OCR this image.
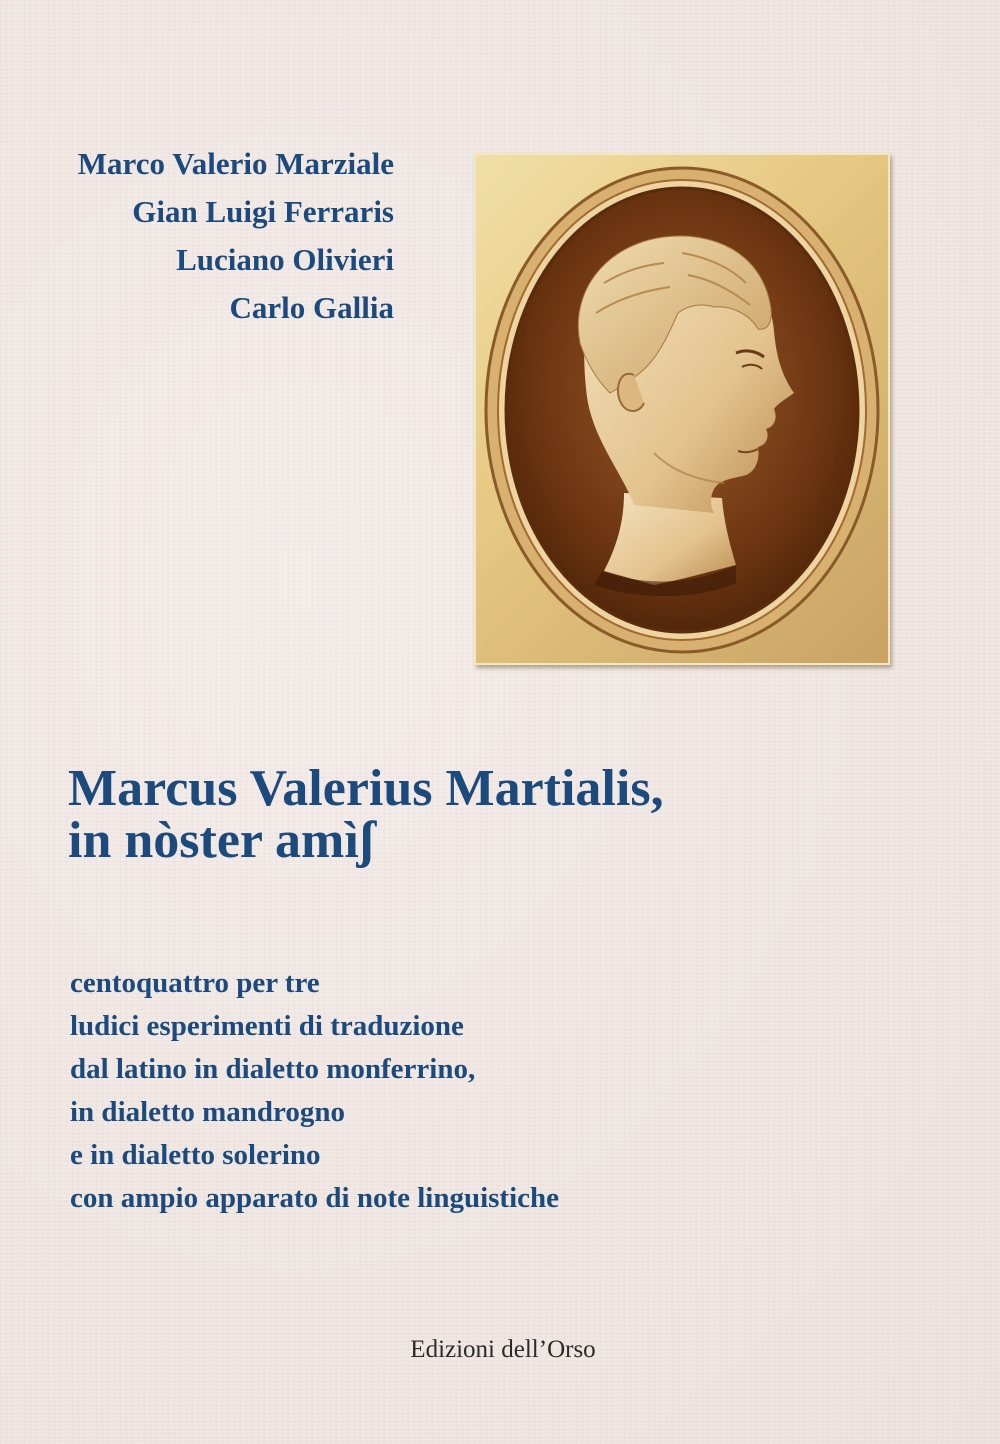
Marco Valerio Marziale
Gian Luigi Ferraris
Luciano Olivieri
Carlo Gallia
Marcus Valerius Martialis,
in nòster amìʃ
centoquattro per tre
ludici esperimenti di traduzione
dal latino in dialetto monferrino,
in dialetto mandrogno
e in dialetto solerino
con ampio apparato di note linguistiche
Edizioni dell’Orso
